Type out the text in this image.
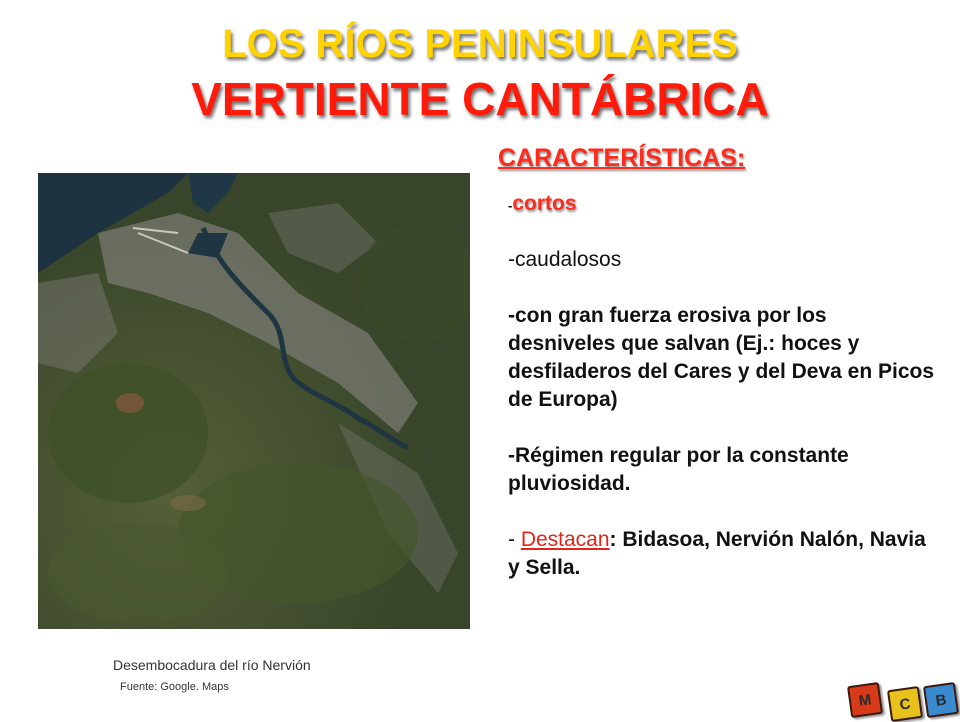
LOS RÍOS PENINSULARES
VERTIENTE CANTÁBRICA
CARACTERÍSTICAS:
Desembocadura del río Nervión
Fuente: Google. Maps
-cortos
-caudalosos
-con gran fuerza erosiva por los desniveles que salvan (Ej.: hoces y desfiladeros del Cares y del Deva en Picos de Europa)
-Régimen regular por la constante pluviosidad.
- Destacan: Bidasoa, Nervión Nalón, Navia y Sella.
M	C	B
